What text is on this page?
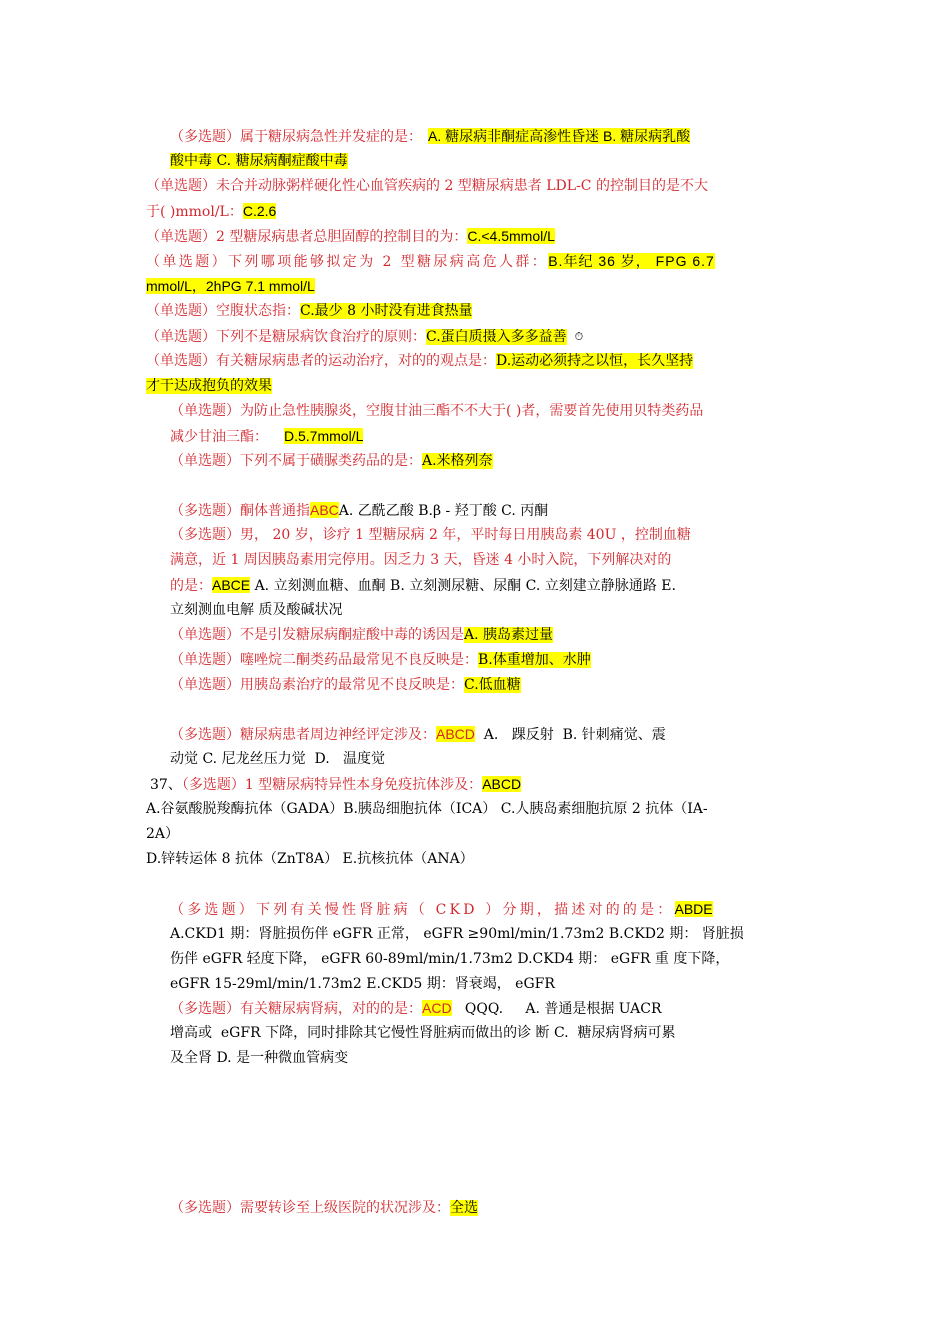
（多选题）属于糖尿病急性并发症的是： A. 糖尿病非酮症高渗性昏迷 B. 糖尿病乳酸
酸中毒 C. 糖尿病酮症酸中毒
（单选题）未合并动脉粥样硬化性心血管疾病的 2 型糖尿病患者 LDL-C 的控制目的是不大
于( )mmol/L：C.2.6
（单选题）2 型糖尿病患者总胆固醇的控制目的为：C.<4.5mmol/L
（单选题）下列哪项能够拟定为 2 型糖尿病高危人群：B.年纪 36 岁， FPG 6.7
mmol/L，2hPG 7.1 mmol/L
（单选题）空腹状态指：C.最少 8 小时没有进食热量
（单选题）下列不是糖尿病饮食治疗的原则：C.蛋白质摄入多多益善 ⏱
（单选题）有关糖尿病患者的运动治疗，对的的观点是：D.运动必须持之以恒，长久坚持
才干达成抱负的效果
（单选题）为防止急性胰腺炎，空腹甘油三酯不不大于( )者，需要首先使用贝特类药品
减少甘油三酯： D.5.7mmol/L
（单选题）下列不属于磺脲类药品的是：A.米格列奈
（多选题）酮体普通指ABCA. 乙酰乙酸 B.β - 羟丁酸 C. 丙酮
（多选题）男， 20 岁，诊疗 1 型糖尿病 2 年，平时每日用胰岛素 40U ，控制血糖
满意，近 1 周因胰岛素用完停用。因乏力 3 天，昏迷 4 小时入院，下列解决对的
的是：ABCE A. 立刻测血糖、血酮 B. 立刻测尿糖、尿酮 C. 立刻建立静脉通路 E.
立刻测血电解 质及酸碱状况
（单选题）不是引发糖尿病酮症酸中毒的诱因是A. 胰岛素过量
（单选题）噻唑烷二酮类药品最常见不良反映是：B.体重增加、水肿
（单选题）用胰岛素治疗的最常见不良反映是：C.低血糖
（多选题）糖尿病患者周边神经评定涉及：ABCD  A.   踝反射  B. 针刺痛觉、震
动觉 C. 尼龙丝压力觉  D.   温度觉
37、（多选题）1 型糖尿病特异性本身免疫抗体涉及：ABCD
A.谷氨酸脱羧酶抗体（GADA）B.胰岛细胞抗体（ICA） C.人胰岛素细胞抗原 2 抗体（IA-
2A）
D.锌转运体 8 抗体（ZnT8A） E.抗核抗体（ANA）
（多选题）下列有关慢性肾脏病（ CKD ）分期，描述对的的是：ABDE
A.CKD1 期：肾脏损伤伴 eGFR 正常， eGFR ≥90ml/min/1.73m2 B.CKD2 期： 肾脏损
伤伴 eGFR 轻度下降， eGFR 60-89ml/min/1.73m2 D.CKD4 期： eGFR 重 度下降，
eGFR 15-29ml/min/1.73m2 E.CKD5 期：肾衰竭， eGFR
（多选题）有关糖尿病肾病，对的的是：ACD   QQQ.     A. 普通是根据 UACR
增高或  eGFR 下降，同时排除其它慢性肾脏病而做出的诊 断 C.  糖尿病肾病可累
及全肾 D. 是一种微血管病变
（多选题）需要转诊至上级医院的状况涉及：全选
